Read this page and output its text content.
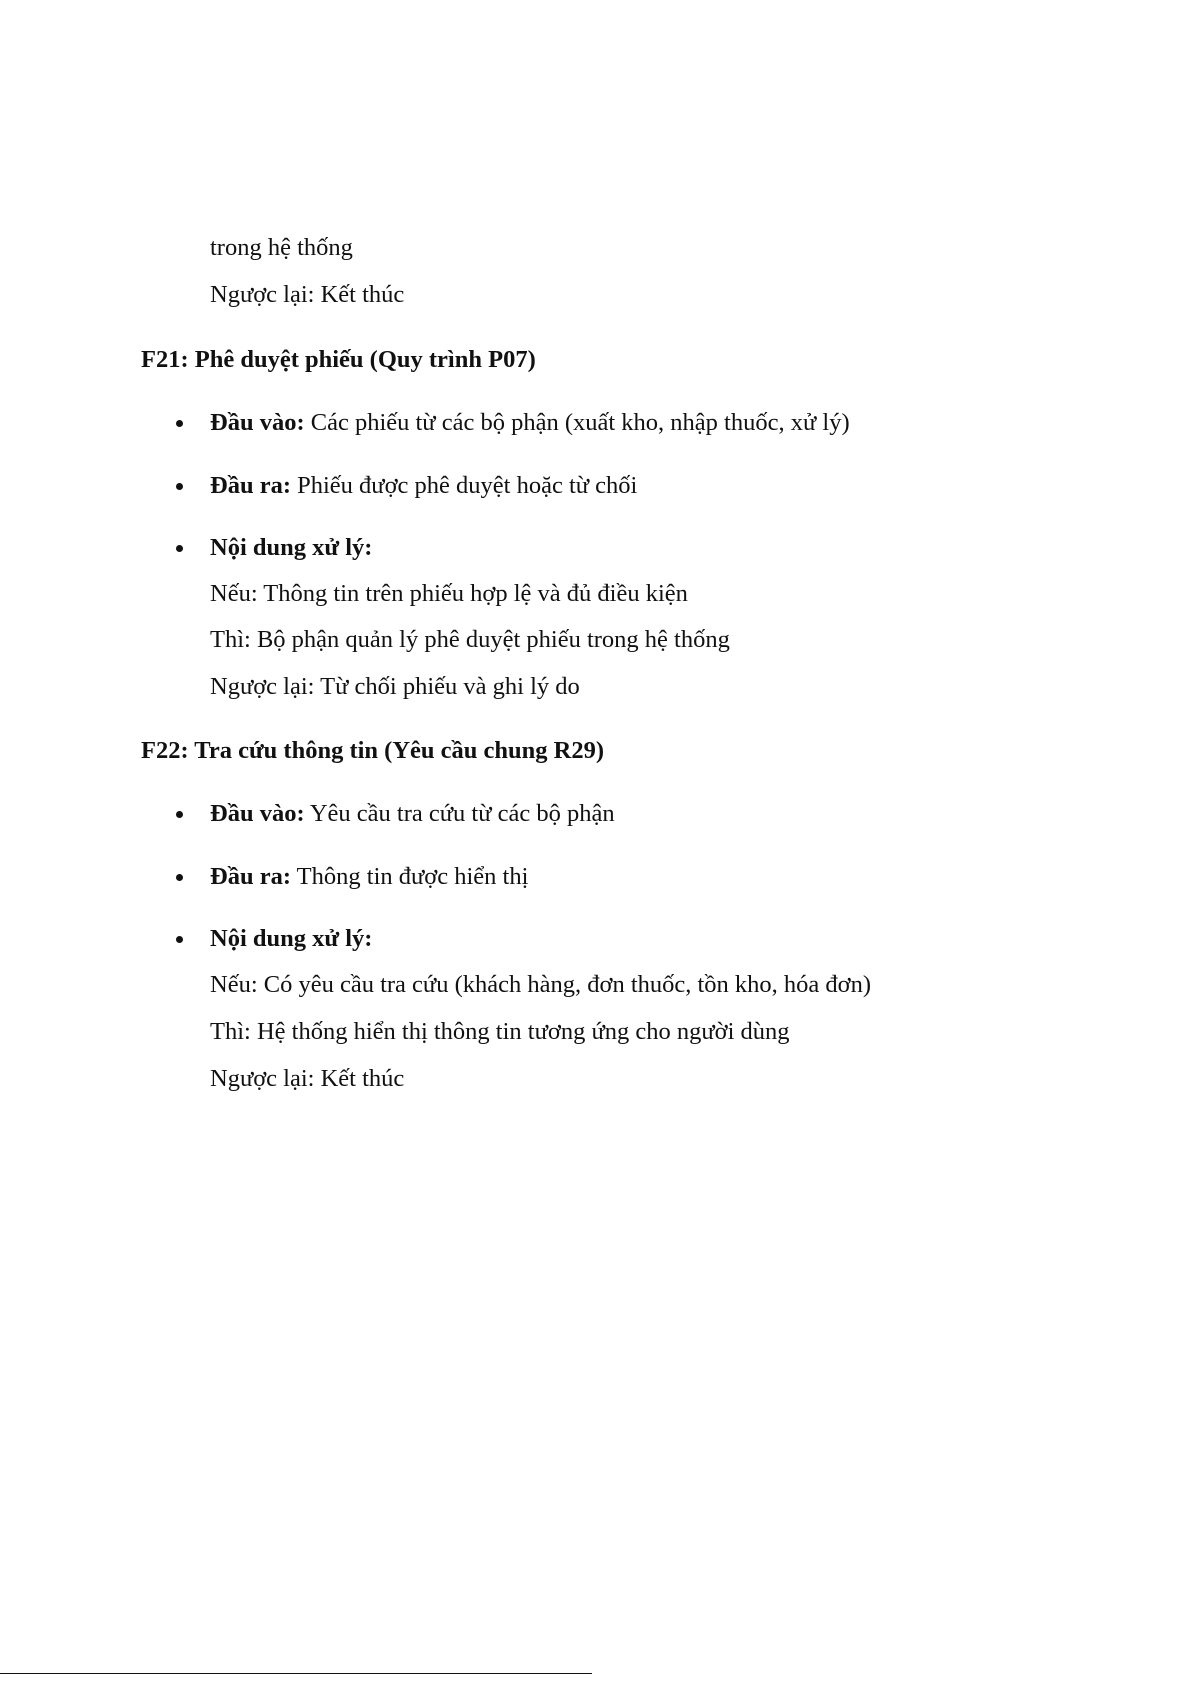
trong hệ thống
Ngược lại: Kết thúc
F21: Phê duyệt phiếu (Quy trình P07)
Đầu vào: Các phiếu từ các bộ phận (xuất kho, nhập thuốc, xử lý)
Đầu ra: Phiếu được phê duyệt hoặc từ chối
Nội dung xử lý:
Nếu: Thông tin trên phiếu hợp lệ và đủ điều kiện
Thì: Bộ phận quản lý phê duyệt phiếu trong hệ thống
Ngược lại: Từ chối phiếu và ghi lý do
F22: Tra cứu thông tin (Yêu cầu chung R29)
Đầu vào: Yêu cầu tra cứu từ các bộ phận
Đầu ra: Thông tin được hiển thị
Nội dung xử lý:
Nếu: Có yêu cầu tra cứu (khách hàng, đơn thuốc, tồn kho, hóa đơn)
Thì: Hệ thống hiển thị thông tin tương ứng cho người dùng
Ngược lại: Kết thúc
